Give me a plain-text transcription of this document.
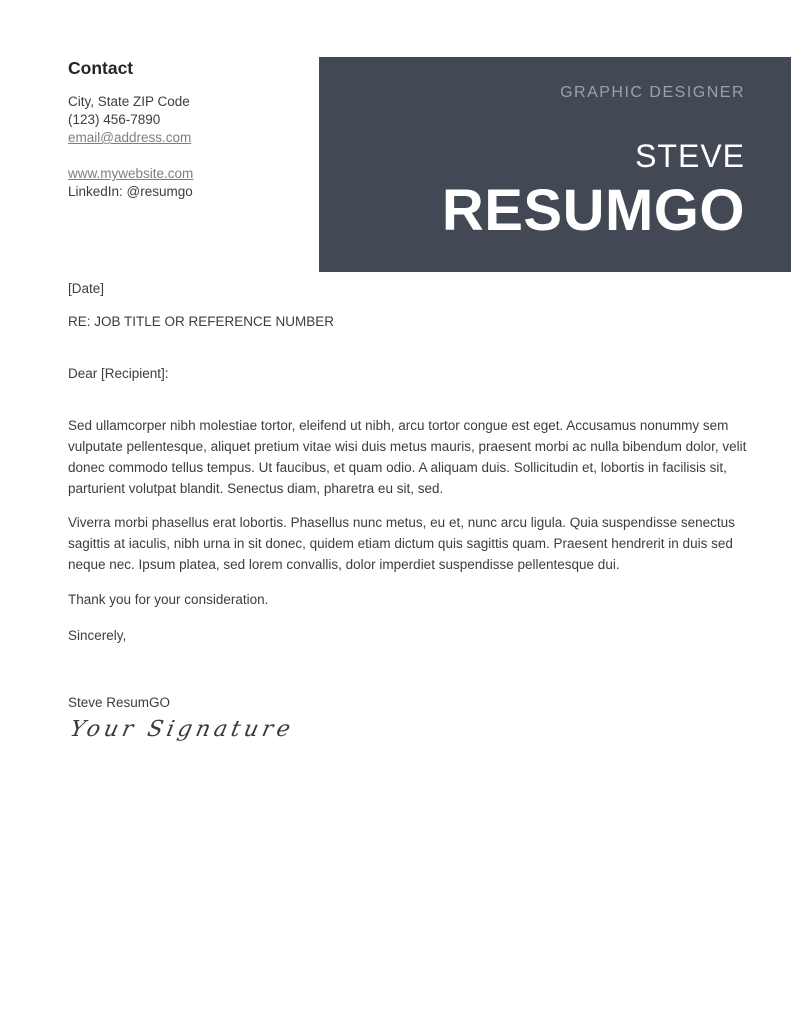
Contact
City, State ZIP Code
(123) 456-7890
email@address.com
www.mywebsite.com
LinkedIn: @resumgo
GRAPHIC DESIGNER
STEVE
RESUMGO

[Date]

RE: JOB TITLE OR REFERENCE NUMBER

Dear [Recipient]:

Sed ullamcorper nibh molestiae tortor, eleifend ut nibh, arcu tortor congue est eget. Accusamus nonummy sem vulputate pellentesque, aliquet pretium vitae wisi duis metus mauris, praesent morbi ac nulla bibendum dolor, velit donec commodo tellus tempus. Ut faucibus, et quam odio. A aliquam duis. Sollicitudin et, lobortis in facilisis sit, parturient volutpat blandit. Senectus diam, pharetra eu sit, sed.

Viverra morbi phasellus erat lobortis. Phasellus nunc metus, eu et, nunc arcu ligula. Quia suspendisse senectus sagittis at iaculis, nibh urna in sit donec, quidem etiam dictum quis sagittis quam. Praesent hendrerit in duis sed neque nec. Ipsum platea, sed lorem convallis, dolor imperdiet suspendisse pellentesque dui.

Thank you for your consideration.

Sincerely,

Steve ResumGO

Your Signature
